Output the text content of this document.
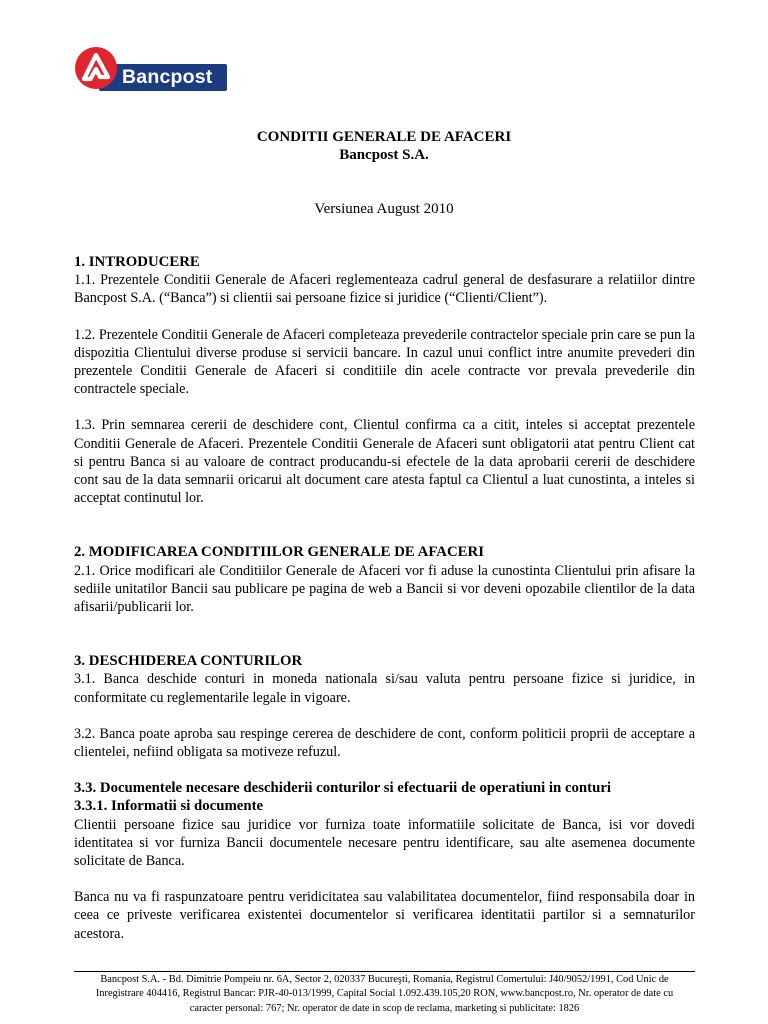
Bancpost
CONDITII GENERALE DE AFACERI
Bancpost S.A.
Versiunea August 2010

1. INTRODUCERE

1.1. Prezentele Conditii Generale de Afaceri reglementeaza cadrul general de desfasurare a relatiilor dintre Bancpost S.A. (“Banca”) si clientii sai persoane fizice si juridice (“Clienti/Client”).

1.2. Prezentele Conditii Generale de Afaceri completeaza prevederile contractelor speciale prin care se pun la dispozitia Clientului diverse produse si servicii bancare. In cazul unui conflict intre anumite prevederi din prezentele Conditii Generale de Afaceri si conditiile din acele contracte vor prevala prevederile din contractele speciale.

1.3. Prin semnarea cererii de deschidere cont, Clientul confirma ca a citit, inteles si acceptat prezentele Conditii Generale de Afaceri. Prezentele Conditii Generale de Afaceri sunt obligatorii atat pentru Client cat si pentru Banca si au valoare de contract producandu-si efectele de la data aprobarii cererii de deschidere cont sau de la data semnarii oricarui alt document care atesta faptul ca Clientul a luat cunostinta, a inteles si acceptat continutul lor.

2. MODIFICAREA CONDITIILOR GENERALE DE AFACERI

2.1. Orice modificari ale Conditiilor Generale de Afaceri vor fi aduse la cunostinta Clientului prin afisare la sediile unitatilor Bancii sau publicare pe pagina de web a Bancii si vor deveni opozabile clientilor de la data afisarii/publicarii lor.

3. DESCHIDEREA CONTURILOR

3.1. Banca deschide conturi in moneda nationala si/sau valuta pentru persoane fizice si juridice, in conformitate cu reglementarile legale in vigoare.

3.2. Banca poate aproba sau respinge cererea de deschidere de cont, conform politicii proprii de acceptare a clientelei, nefiind obligata sa motiveze refuzul.

3.3. Documentele necesare deschiderii conturilor si efectuarii de operatiuni in conturi

3.3.1. Informatii si documente

Clientii persoane fizice sau juridice vor furniza toate informatiile solicitate de Banca, isi vor dovedi identitatea si vor furniza Bancii documentele necesare pentru identificare, sau alte asemenea documente solicitate de Banca.

Banca nu va fi raspunzatoare pentru veridicitatea sau valabilitatea documentelor, fiind responsabila doar in ceea ce priveste verificarea existentei documentelor si verificarea identitatii partilor si a semnaturilor acestora.

Bancpost S.A. - Bd. Dimitrie Pompeiu nr. 6A, Sector 2, 020337 Bucureşti, Romania, Registrul Comertului: J40/9052/1991, Cod Unic de
Inregistrare 404416, Registrul Bancar: PJR-40-013/1999, Capital Social 1.092.439.105,20 RON, www.bancpost.ro, Nr. operator de date cu
caracter personal: 767; Nr. operator de date in scop de reclama, marketing si publicitate: 1826
